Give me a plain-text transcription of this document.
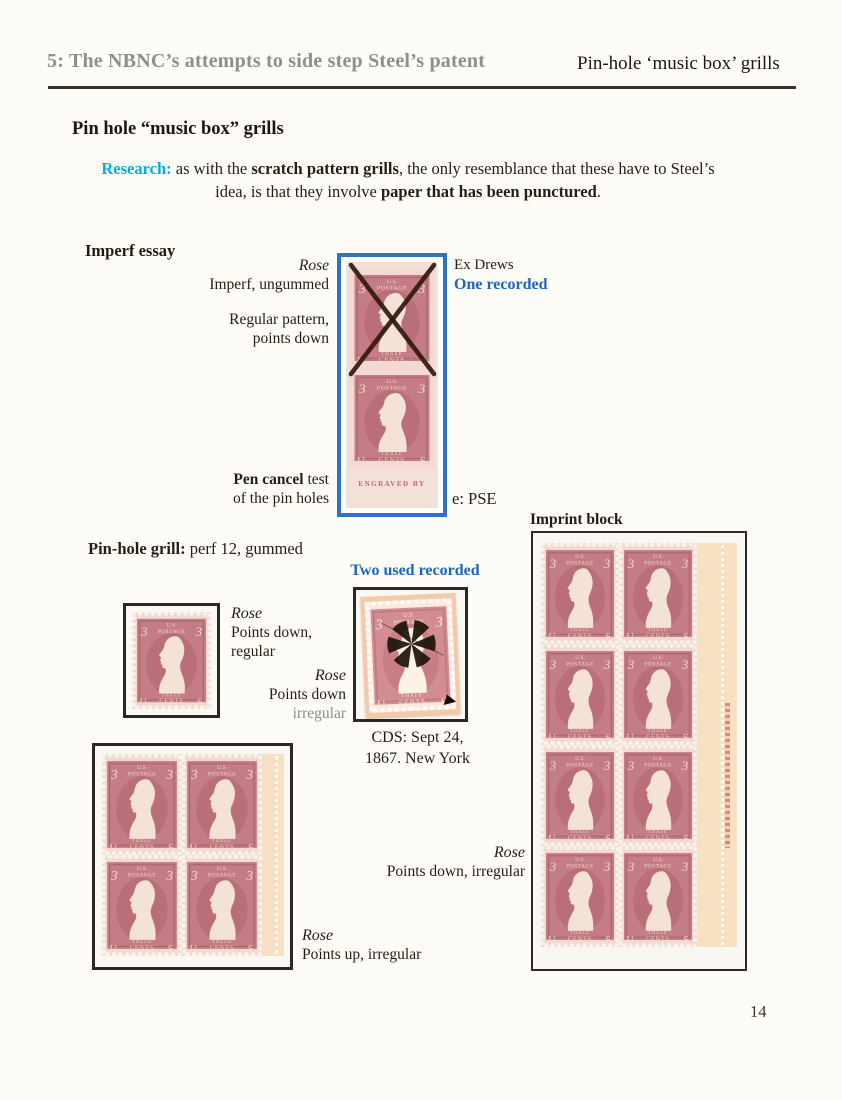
5: The NBNC’s attempts to side step Steel’s patent	Pin-hole ‘music box’ grills
Pin hole “music box” grills
Research: as with the scratch pattern grills, the only resemblance that these have to Steel’s
idea, is that they involve paper that has been punctured.
Imperf essay
Rose
Imperf, ungummed
Regular pattern,
points down
Pen cancel test
of the pin holes
Ex Drews
One recorded
e: PSE
ENGRAVED BY
Pin-hole grill: perf 12, gummed
Two used recorded
Rose
Points down,
regular
Rose
Points down
irregular
CDS: Sept 24,
1867. New York
Rose
Points up, irregular
Imprint block
Rose
Points down, irregular
14
